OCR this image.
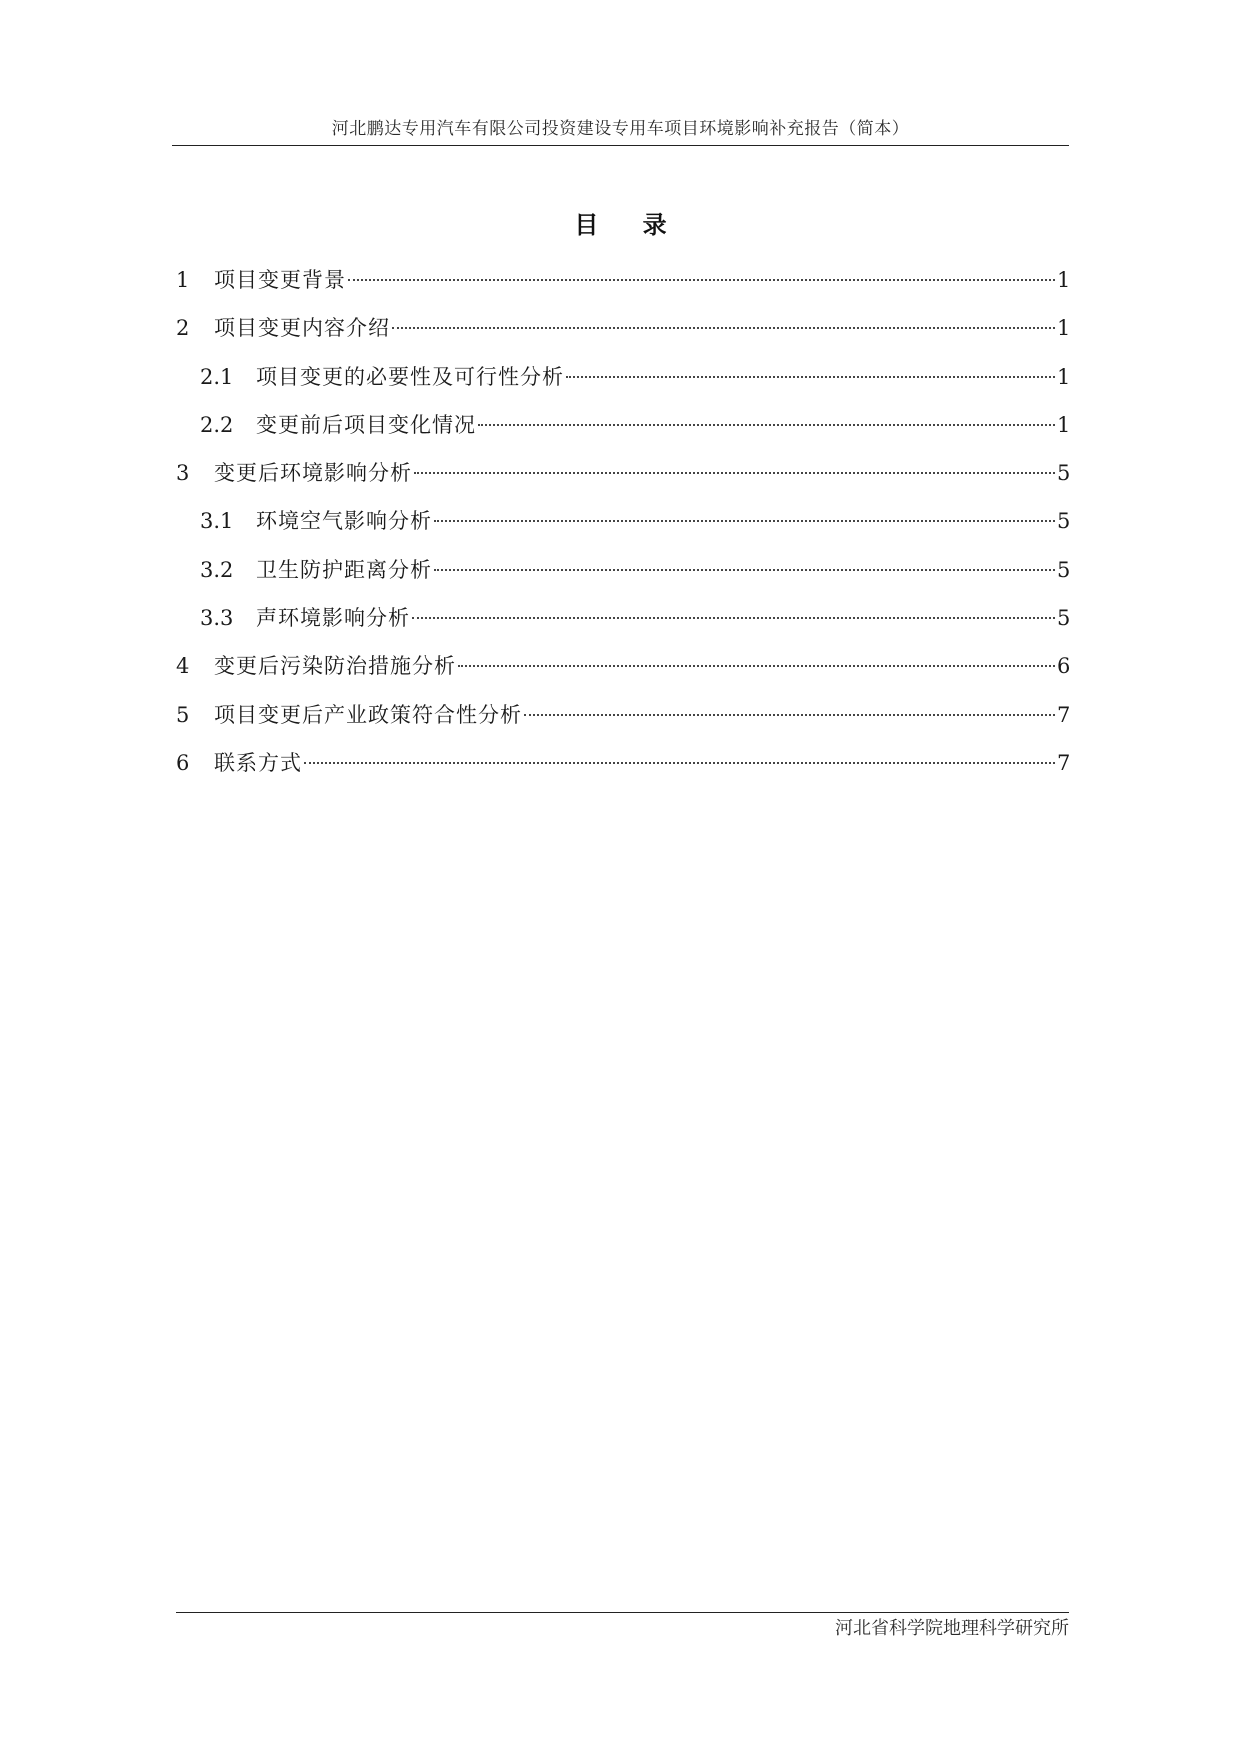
河北鹏达专用汽车有限公司投资建设专用车项目环境影响补充报告（简本）
目 录
1	项目变更背景	1
2	项目变更内容介绍	1
2.1	项目变更的必要性及可行性分析	1
2.2	变更前后项目变化情况	1
3	变更后环境影响分析	5
3.1	环境空气影响分析	5
3.2	卫生防护距离分析	5
3.3	声环境影响分析	5
4	变更后污染防治措施分析	6
5	项目变更后产业政策符合性分析	7
6	联系方式	7
河北省科学院地理科学研究所
